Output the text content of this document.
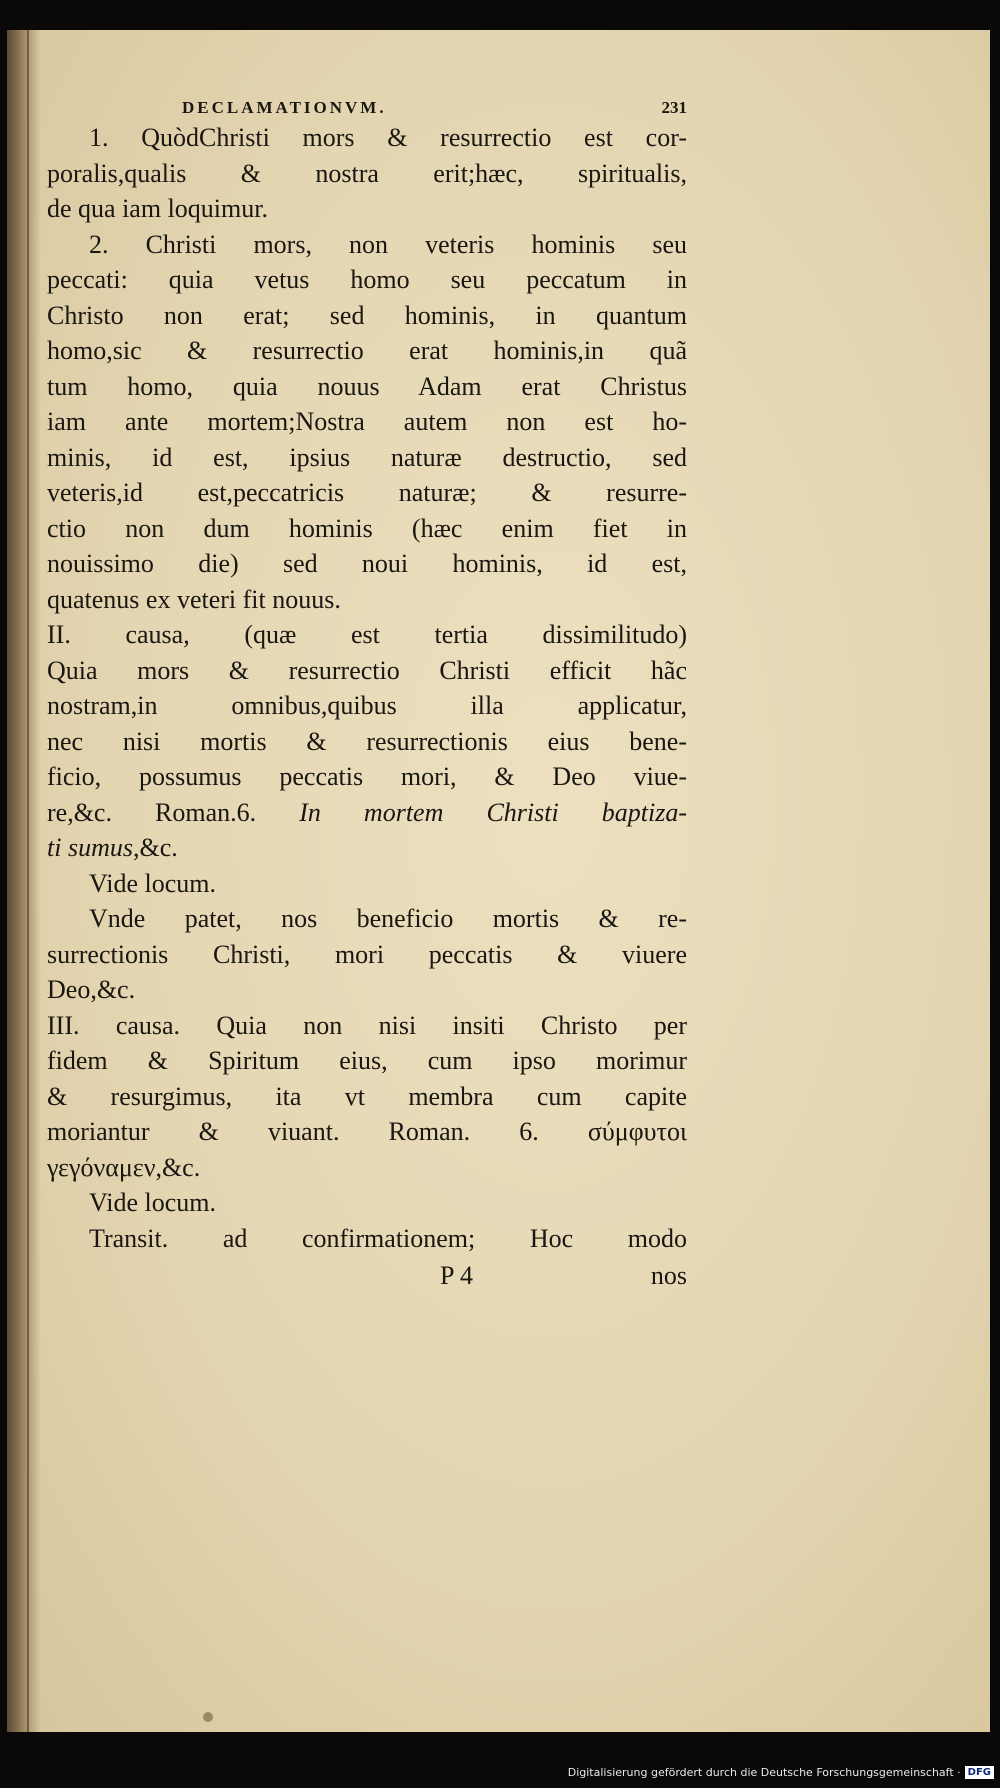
DECLAMATIONVM.	231
1. QuòdChristi mors & resurrectio est cor-
poralis,qualis & nostra erit;hæc, spiritualis,
de qua iam loquimur.
2. Christi mors, non veteris hominis seu
peccati: quia vetus homo seu peccatum in
Christo non erat; sed hominis, in quantum
homo,sic & resurrectio erat hominis,in quã
tum homo, quia nouus Adam erat Christus
iam ante mortem;Nostra autem non est ho-
minis, id est, ipsius naturæ destructio, sed
veteris,id est,peccatricis naturæ; & resurre-
ctio non dum hominis (hæc enim fiet in
nouissimo die) sed noui hominis, id est,
quatenus ex veteri fit nouus.
II. causa, (quæ est tertia dissimilitudo)
Quia mors & resurrectio Christi efficit hãc
nostram,in omnibus,quibus illa applicatur,
nec nisi mortis & resurrectionis eius bene-
ficio, possumus peccatis mori, & Deo viue-
re,&c. Roman.6. In mortem Christi baptiza-
ti sumus,&c.
Vide locum.
Vnde patet, nos beneficio mortis & re-
surrectionis Christi, mori peccatis & viuere
Deo,&c.
III. causa. Quia non nisi insiti Christo per
fidem & Spiritum eius, cum ipso morimur
& resurgimus, ita vt membra cum capite
moriantur & viuant. Roman. 6. σύμφυτοι
γεγόναμεν,&c.
Vide locum.
Transit. ad confirmationem; Hoc modo
P 4	nos
Digitalisierung gefördert durch die Deutsche Forschungsgemeinschaft · DFG
